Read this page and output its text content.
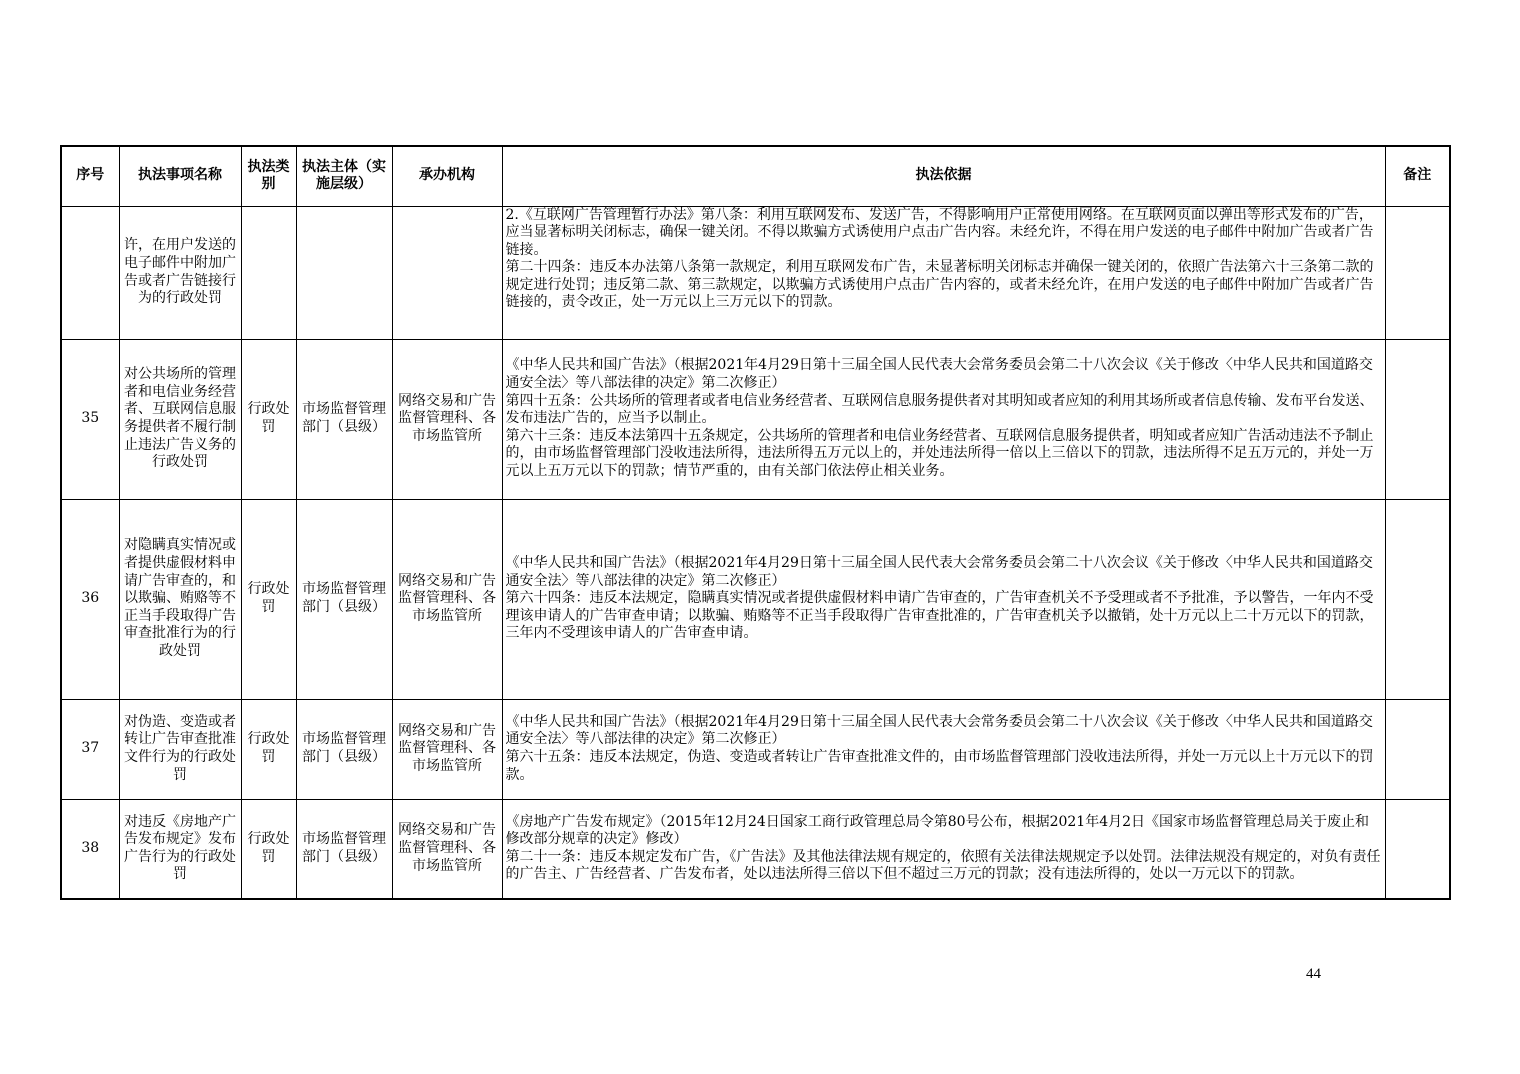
序号	执法事项名称	执法类别	执法主体（实施层级）	承办机构	执法依据	备注
	许，在用户发送的电子邮件中附加广告或者广告链接行为的行政处罚				2.《互联网广告管理暂行办法》第八条：利用互联网发布、发送广告，不得影响用户正常使用网络。在互联网页面以弹出等形式发布的广告，应当显著标明关闭标志，确保一键关闭。不得以欺骗方式诱使用户点击广告内容。未经允许，不得在用户发送的电子邮件中附加广告或者广告链接。

第二十四条：违反本办法第八条第一款规定，利用互联网发布广告，未显著标明关闭标志并确保一键关闭的，依照广告法第六十三条第二款的规定进行处罚；违反第二款、第三款规定，以欺骗方式诱使用户点击广告内容的，或者未经允许，在用户发送的电子邮件中附加广告或者广告链接的，责令改正，处一万元以上三万元以下的罚款。	

35	对公共场所的管理者和电信业务经营者、互联网信息服务提供者不履行制止违法广告义务的行政处罚	行政处罚	市场监督管理部门（县级）	网络交易和广告监督管理科、各市场监管所	《中华人民共和国广告法》（根据2021年4月29日第十三届全国人民代表大会常务委员会第二十八次会议《关于修改〈中华人民共和国道路交通安全法〉等八部法律的决定》第二次修正）

第四十五条：公共场所的管理者或者电信业务经营者、互联网信息服务提供者对其明知或者应知的利用其场所或者信息传输、发布平台发送、发布违法广告的，应当予以制止。

第六十三条：违反本法第四十五条规定，公共场所的管理者和电信业务经营者、互联网信息服务提供者，明知或者应知广告活动违法不予制止的，由市场监督管理部门没收违法所得，违法所得五万元以上的，并处违法所得一倍以上三倍以下的罚款，违法所得不足五万元的，并处一万元以上五万元以下的罚款；情节严重的，由有关部门依法停止相关业务。	

36	对隐瞒真实情况或者提供虚假材料申请广告审查的，和以欺骗、贿赂等不正当手段取得广告审查批准行为的行政处罚	行政处罚	市场监督管理部门（县级）	网络交易和广告监督管理科、各市场监管所	《中华人民共和国广告法》（根据2021年4月29日第十三届全国人民代表大会常务委员会第二十八次会议《关于修改〈中华人民共和国道路交通安全法〉等八部法律的决定》第二次修正）

第六十四条：违反本法规定，隐瞒真实情况或者提供虚假材料申请广告审查的，广告审查机关不予受理或者不予批准，予以警告，一年内不受理该申请人的广告审查申请；以欺骗、贿赂等不正当手段取得广告审查批准的，广告审查机关予以撤销，处十万元以上二十万元以下的罚款，三年内不受理该申请人的广告审查申请。	

37	对伪造、变造或者转让广告审查批准文件行为的行政处罚	行政处罚	市场监督管理部门（县级）	网络交易和广告监督管理科、各市场监管所	《中华人民共和国广告法》（根据2021年4月29日第十三届全国人民代表大会常务委员会第二十八次会议《关于修改〈中华人民共和国道路交通安全法〉等八部法律的决定》第二次修正）

第六十五条：违反本法规定，伪造、变造或者转让广告审查批准文件的，由市场监督管理部门没收违法所得，并处一万元以上十万元以下的罚款。	

38	对违反《房地产广告发布规定》发布广告行为的行政处罚	行政处罚	市场监督管理部门（县级）	网络交易和广告监督管理科、各市场监管所	《房地产广告发布规定》（2015年12月24日国家工商行政管理总局令第80号公布，根据2021年4月2日《国家市场监督管理总局关于废止和修改部分规章的决定》修改）

第二十一条：违反本规定发布广告，《广告法》及其他法律法规有规定的，依照有关法律法规规定予以处罚。法律法规没有规定的，对负有责任的广告主、广告经营者、广告发布者，处以违法所得三倍以下但不超过三万元的罚款；没有违法所得的，处以一万元以下的罚款。	

44
